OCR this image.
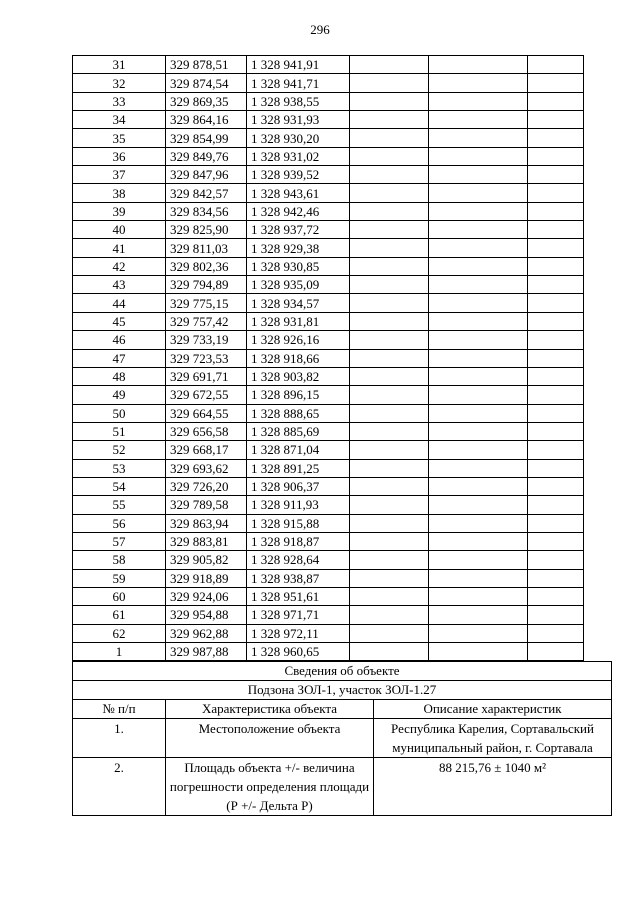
296
31	329 878,51	1 328 941,91			
32	329 874,54	1 328 941,71			
33	329 869,35	1 328 938,55			
34	329 864,16	1 328 931,93			
35	329 854,99	1 328 930,20			
36	329 849,76	1 328 931,02			
37	329 847,96	1 328 939,52			
38	329 842,57	1 328 943,61			
39	329 834,56	1 328 942,46			
40	329 825,90	1 328 937,72			
41	329 811,03	1 328 929,38			
42	329 802,36	1 328 930,85			
43	329 794,89	1 328 935,09			
44	329 775,15	1 328 934,57			
45	329 757,42	1 328 931,81			
46	329 733,19	1 328 926,16			
47	329 723,53	1 328 918,66			
48	329 691,71	1 328 903,82			
49	329 672,55	1 328 896,15			
50	329 664,55	1 328 888,65			
51	329 656,58	1 328 885,69			
52	329 668,17	1 328 871,04			
53	329 693,62	1 328 891,25			
54	329 726,20	1 328 906,37			
55	329 789,58	1 328 911,93			
56	329 863,94	1 328 915,88			
57	329 883,81	1 328 918,87			
58	329 905,82	1 328 928,64			
59	329 918,89	1 328 938,87			
60	329 924,06	1 328 951,61			
61	329 954,88	1 328 971,71			
62	329 962,88	1 328 972,11			
1	329 987,88	1 328 960,65			
Сведения об объекте		
Подзона ЗОЛ-1, участок ЗОЛ-1.27		
№ п/п	Характеристика объекта	Описание характеристик
1.	Местоположение объекта	Республика Карелия, Сортавальский муниципальный район, г. Сортавала
2.	Площадь объекта +/- величина погрешности определения площади (Р +/- Дельта Р)	88 215,76 ± 1040 м²
